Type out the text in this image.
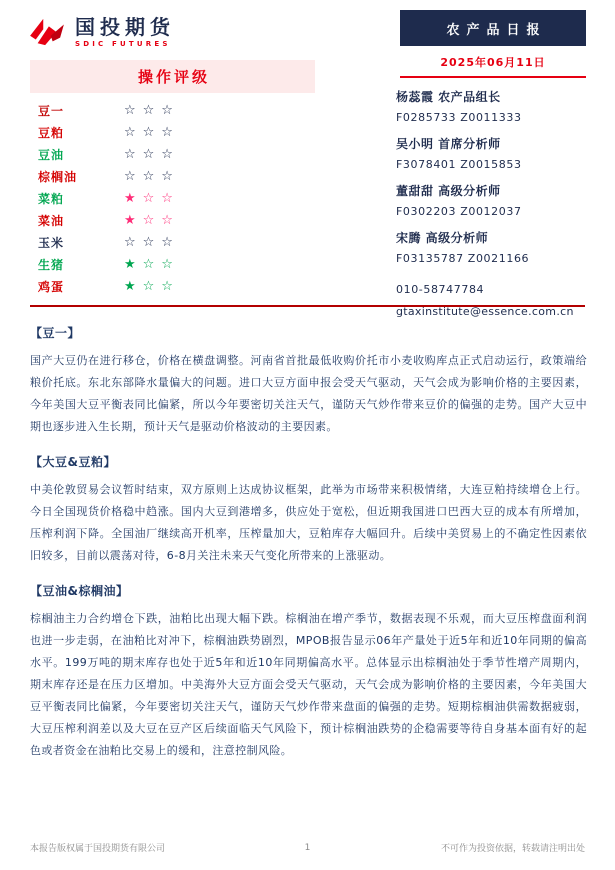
国投期货
SDIC FUTURES
农产品日报
2025年06月11日
操作评级
豆一	☆☆☆
豆粕	☆☆☆
豆油	☆☆☆
棕榈油	☆☆☆
菜粕	★☆☆
菜油	★☆☆
玉米	☆☆☆
生猪	★☆☆
鸡蛋	★☆☆
杨蕊霞 农产品组长
F0285733 Z0011333
吴小明 首席分析师
F3078401 Z0015853
董甜甜 高级分析师
F0302203 Z0012037
宋腾 高级分析师
F03135787 Z0021166
010-58747784
gtaxinstitute@essence.com.cn
【豆一】
国产大豆仍在进行移仓，价格在横盘调整。河南省首批最低收购价托市小麦收购库点正式启动运行，政策端给粮价托底。东北东部降水量偏大的问题。进口大豆方面申报会受天气驱动，天气会成为影响价格的主要因素，今年美国大豆平衡表同比偏紧，所以今年要密切关注天气，谨防天气炒作带来豆价的偏强的走势。国产大豆中期也逐步进入生长期，预计天气是驱动价格波动的主要因素。
【大豆&豆粕】
中美伦敦贸易会议暂时结束，双方原则上达成协议框架，此举为市场带来积极情绪，大连豆粕持续增仓上行。今日全国现货价格稳中趋涨。国内大豆到港增多，供应处于宽松，但近期我国进口巴西大豆的成本有所增加，压榨利润下降。全国油厂继续高开机率，压榨量加大，豆粕库存大幅回升。后续中美贸易上的不确定性因素依旧较多，目前以震荡对待，6-8月关注未来天气变化所带来的上涨驱动。
【豆油&棕榈油】
棕榈油主力合约增仓下跌，油粕比出现大幅下跌。棕榈油在增产季节，数据表现不乐观，而大豆压榨盘面利润也进一步走弱，在油粕比对冲下，棕榈油跌势剧烈，MPOB报告显示06年产量处于近5年和近10年同期的偏高水平。199万吨的期末库存也处于近5年和近10年同期偏高水平。总体显示出棕榈油处于季节性增产周期内，期末库存还是在压力区增加。中美海外大豆方面会受天气驱动，天气会成为影响价格的主要因素，今年美国大豆平衡表同比偏紧，今年要密切关注天气，谨防天气炒作带来盘面的偏强的走势。短期棕榈油供需数据疲弱，大豆压榨利润差以及大豆在豆产区后续面临天气风险下，预计棕榈油跌势的企稳需要等待自身基本面有好的起色或者资金在油粕比交易上的缓和，注意控制风险。
本报告版权属于国投期货有限公司	1	不可作为投资依据，转载请注明出处
